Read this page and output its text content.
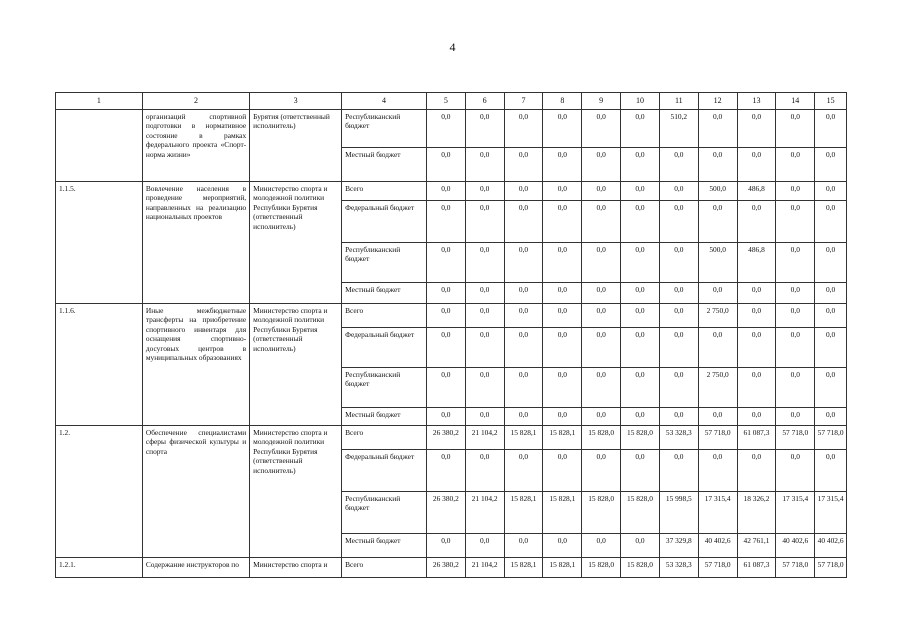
4
1	2	3	4	5	6	7	8	9	10	11	12	13	14	15
	организаций спортивной подготовки в нормативное состояние в рамках федерального проекта «Спорт-норма жизни»	Бурятия (ответственный исполнитель)	Республиканский бюджет	0,0	0,0	0,0	0,0	0,0	0,0	510,2	0,0	0,0	0,0	0,0
			Местный бюджет	0,0	0,0	0,0	0,0	0,0	0,0	0,0	0,0	0,0	0,0	0,0
1.1.5.	Вовлечение населения в проведение мероприятий, направленных на реализацию национальных проектов	Министерство спорта и молодежной политики Республики Бурятия (ответственный исполнитель)	Всего	0,0	0,0	0,0	0,0	0,0	0,0	0,0	500,0	486,8	0,0	0,0
			Федеральный бюджет	0,0	0,0	0,0	0,0	0,0	0,0	0,0	0,0	0,0	0,0	0,0
			Республиканский бюджет	0,0	0,0	0,0	0,0	0,0	0,0	0,0	500,0	486,8	0,0	0,0
			Местный бюджет	0,0	0,0	0,0	0,0	0,0	0,0	0,0	0,0	0,0	0,0	0,0
1.1.6.	Иные межбюджетные трансферты на приобретение спортивного инвентаря для оснащения спортивно-досуговых центров в муниципальных образованиях	Министерство спорта и молодежной политики Республики Бурятия (ответственный исполнитель)	Всего	0,0	0,0	0,0	0,0	0,0	0,0	0,0	2 750,0	0,0	0,0	0,0
			Федеральный бюджет	0,0	0,0	0,0	0,0	0,0	0,0	0,0	0,0	0,0	0,0	0,0
			Республиканский бюджет	0,0	0,0	0,0	0,0	0,0	0,0	0,0	2 750,0	0,0	0,0	0,0
			Местный бюджет	0,0	0,0	0,0	0,0	0,0	0,0	0,0	0,0	0,0	0,0	0,0
1.2.	Обеспечение специалистами сферы физической культуры и спорта	Министерство спорта и молодежной политики Республики Бурятия (ответственный исполнитель)	Всего	26 380,2	21 104,2	15 828,1	15 828,1	15 828,0	15 828,0	53 328,3	57 718,0	61 087,3	57 718,0	57 718,0
			Федеральный бюджет	0,0	0,0	0,0	0,0	0,0	0,0	0,0	0,0	0,0	0,0	0,0
			Республиканский бюджет	26 380,2	21 104,2	15 828,1	15 828,1	15 828,0	15 828,0	15 998,5	17 315,4	18 326,2	17 315,4	17 315,4
			Местный бюджет	0,0	0,0	0,0	0,0	0,0	0,0	37 329,8	40 402,6	42 761,1	40 402,6	40 402,6
1.2.1.	Содержание инструкторов по	Министерство спорта и	Всего	26 380,2	21 104,2	15 828,1	15 828,1	15 828,0	15 828,0	53 328,3	57 718,0	61 087,3	57 718,0	57 718,0
